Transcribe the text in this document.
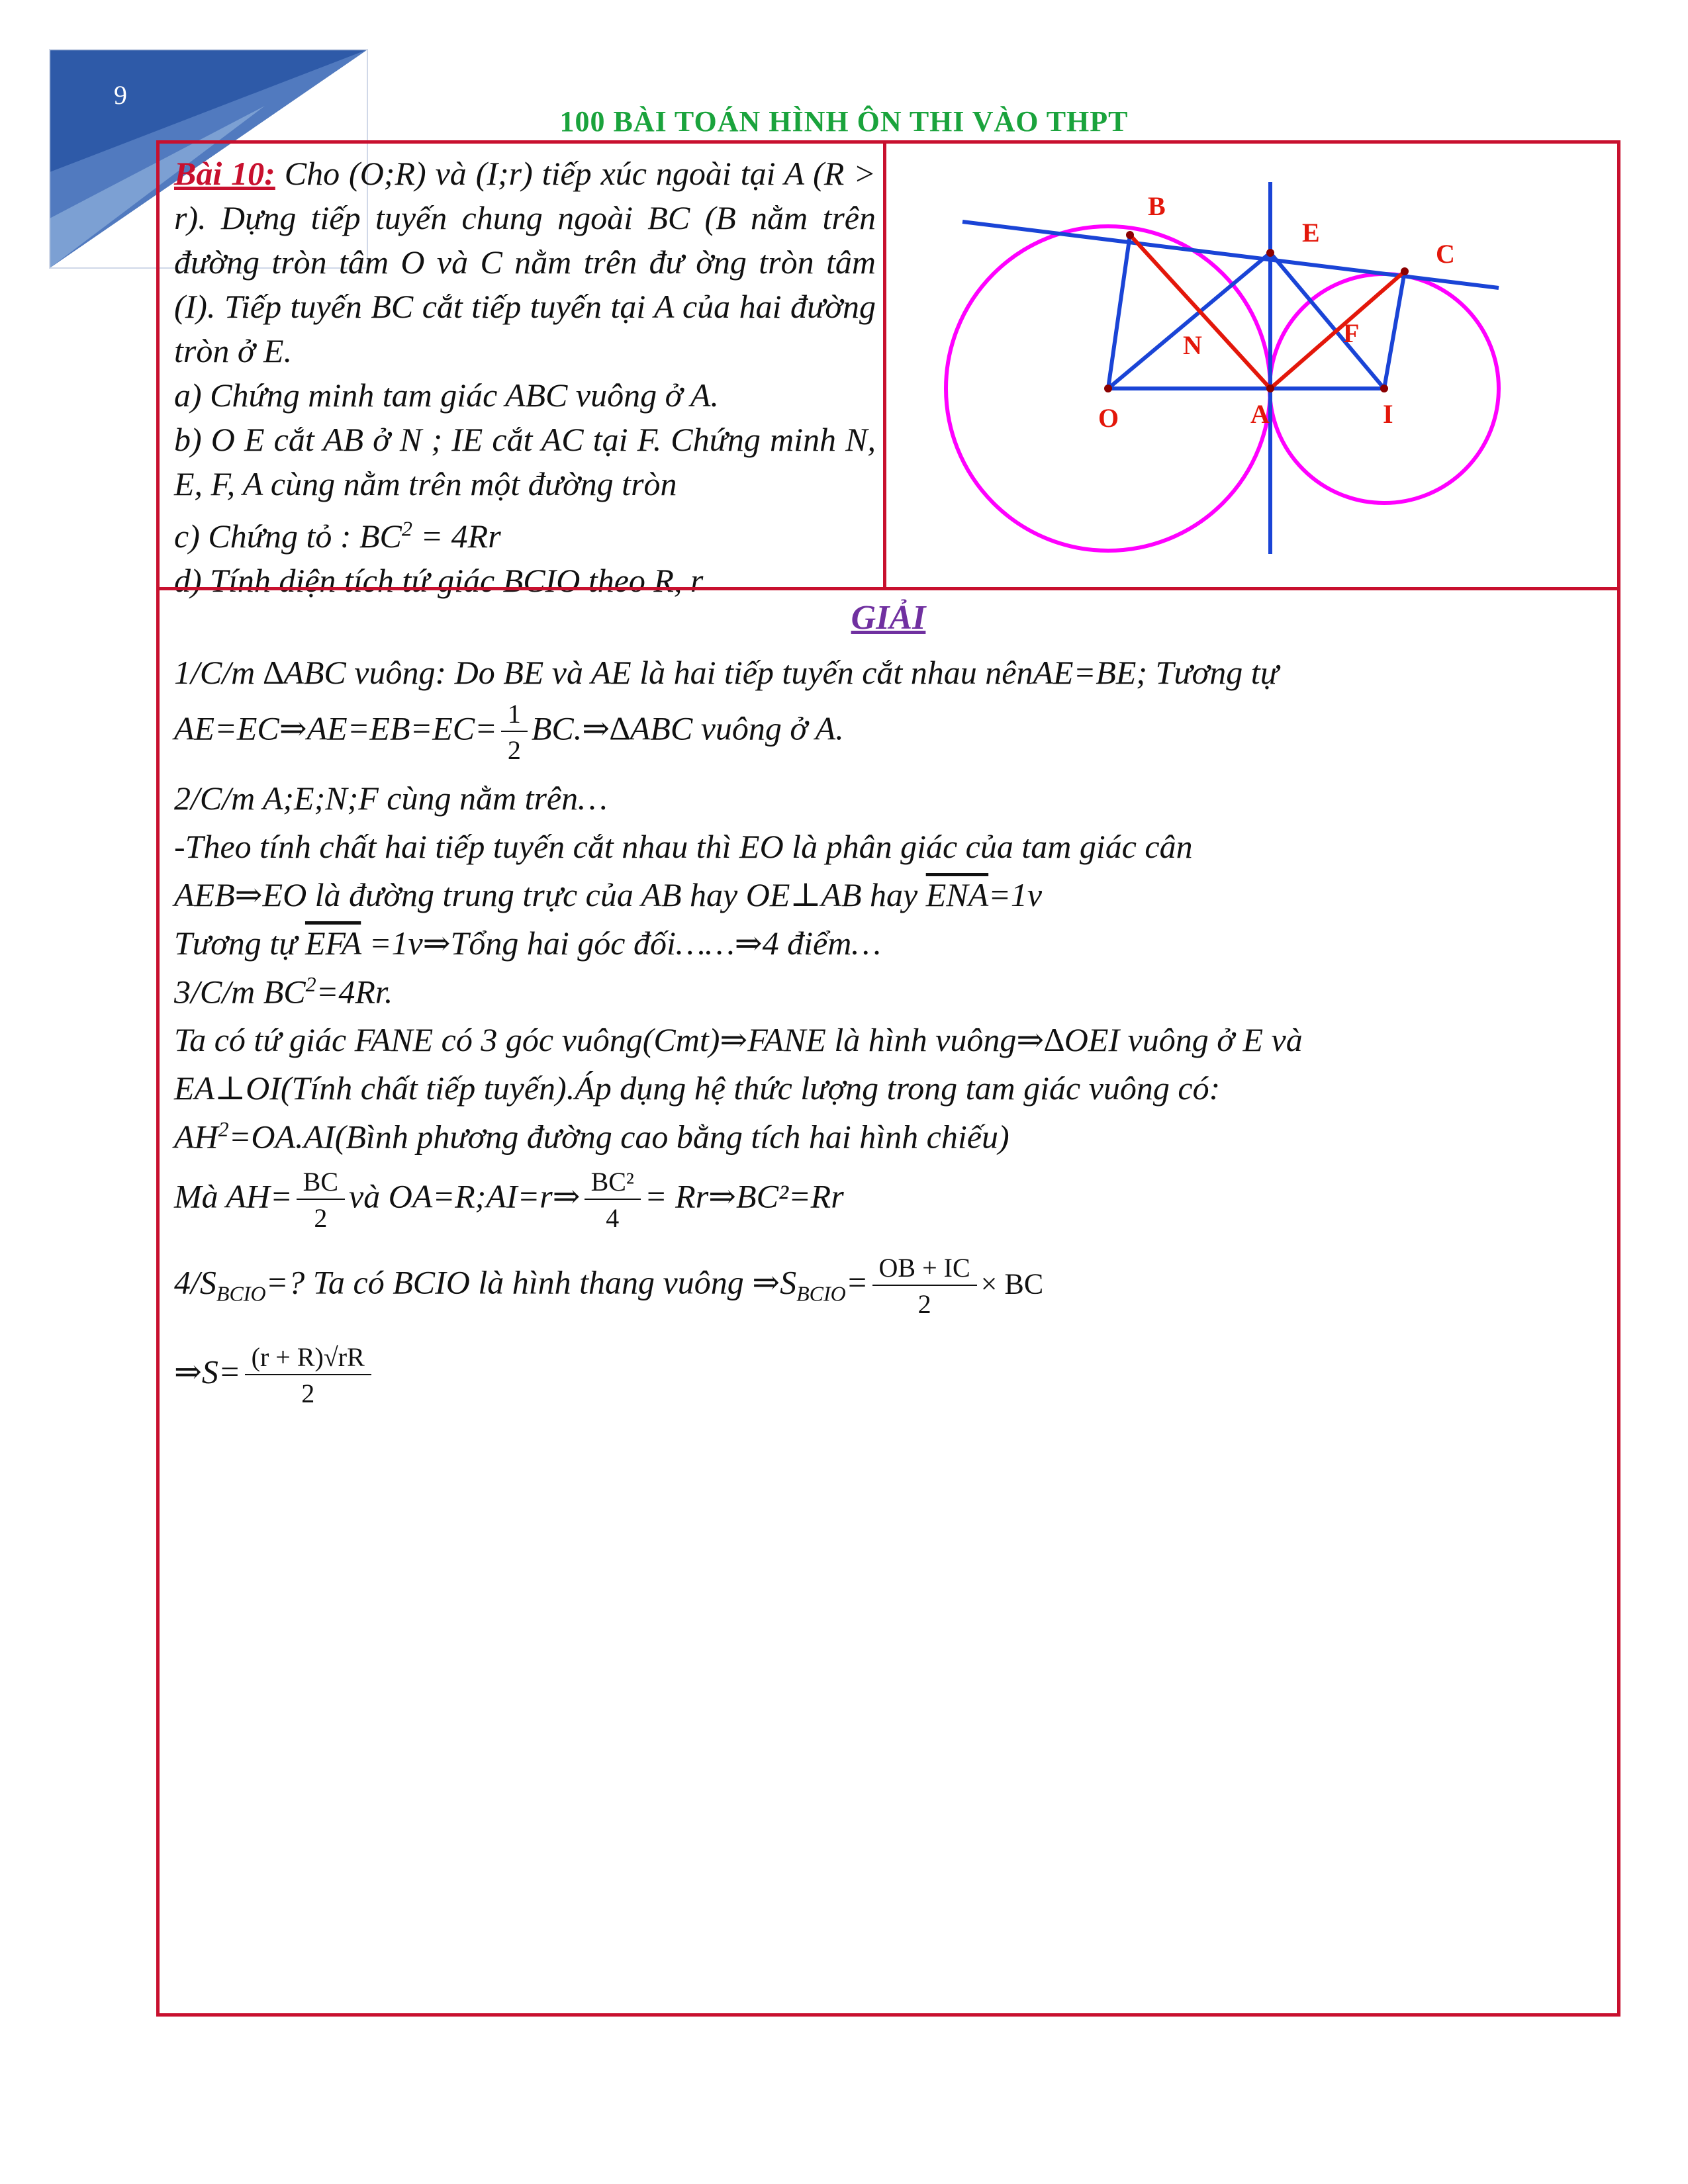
9
100 BÀI TOÁN HÌNH ÔN THI VÀO THPT
Bài 10: Cho (O;R) và (I;r) tiếp xúc ngoài tại A (R > r). Dựng tiếp tuyến chung ngoài BC (B nằm trên đường tròn tâm O và C nằm trên đư ờng tròn tâm (I). Tiếp tuyến BC cắt tiếp tuyến tại A của hai đường tròn ở E.
a) Chứng minh tam giác ABC vuông ở A.
b) O E cắt AB ở N ; IE cắt AC tại F. Chứng minh N, E, F, A cùng nằm trên một đường tròn
c) Chứng tỏ : $BC^2 = 4Rr$
d) Tính diện tích tứ giác BCIO theo R, r
B
E
C
N	F
O	A	I
GIẢI
1/C/m ∆ABC vuông: Do BE và AE là hai tiếp tuyến cắt nhau nênAE=BE; Tương tự
AE=EC⇒AE=EB=EC= $\frac{1}{2}$ BC.⇒∆ABC vuông ở A.
2/C/m A;E;N;F cùng nằm trên…
-Theo tính chất hai tiếp tuyến cắt nhau thì EO là phân giác của tam giác cân
AEB⇒EO là đường trung trực của AB hay OE⊥AB hay $\overline{ENA}=1v$
Tương tự $\overline{EFA}$ =1v⇒Tổng hai góc đối……⇒4 điểm…
3/C/m $BC^2=4Rr$.
Ta có tứ giác FANE có 3 góc vuông(Cmt)⇒FANE là hình vuông⇒∆OEI vuông ở E và
EA⊥OI(Tính chất tiếp tuyến).Áp dụng hệ thức lượng trong tam giác vuông có:
$AH^2=OA.AI(Bình$ phương đường cao bằng tích hai hình chiếu)
Mà $AH= \frac{BC}{2}$ và OA=R;AI=r⇒ $\frac{\text{BC²}}{4}$ = Rr⇒BC²=Rr
$4/S_{BCIO}=$? Ta có BCIO là hình thang vuông $\Rightarrow S_{BCIO}= \frac{OB + IC}{2}$ × BC
⇒S= $\frac{(r + R)√rR}{2}$
